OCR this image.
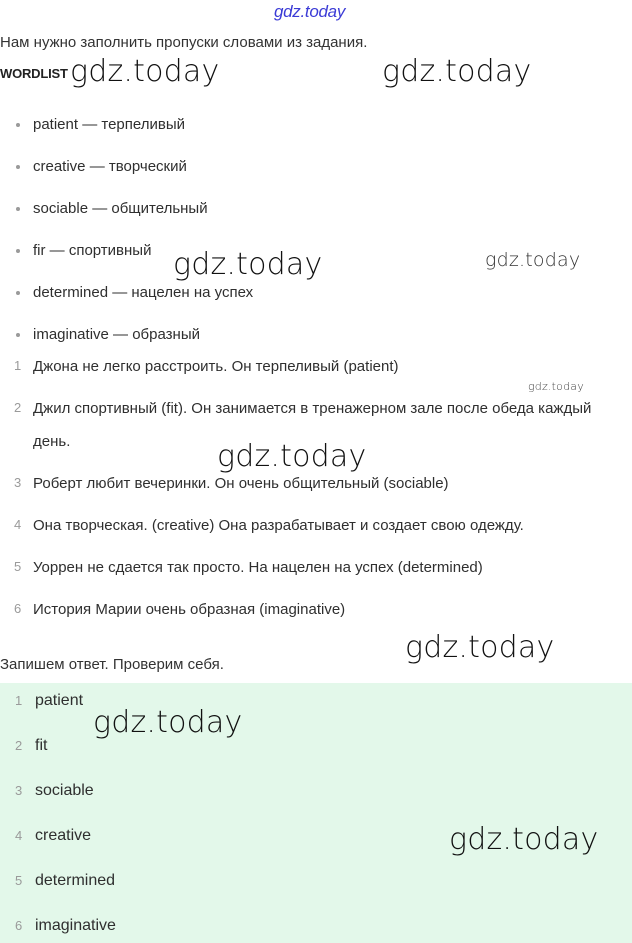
gdz.today
Нам нужно заполнить пропуски словами из задания.
WORDLIST
patient — терпеливый
creative — творческий
sociable — общительный
fir — спортивный
determined — нацелен на успех
imaginative — образный
1 Джона не легко расстроить. Он терпеливый (patient)
2 Джил спортивный (fit). Он занимается в тренажерном зале после обеда каждый день.
3 Роберт любит вечеринки. Он очень общительный (sociable)
4 Она творческая. (creative) Она разрабатывает и создает свою одежду.
5 Уоррен не сдается так просто. На нацелен на успех (determined)
6 История Марии очень образная (imaginative)
Запишем ответ. Проверим себя.
1 patient
2 fit
3 sociable
4 creative
5 determined
6 imaginative
gdz.today	gdz.today
gdz.today	gdz.today
gdz.today
gdz.today
gdz.today
gdz.today
gdz.today
